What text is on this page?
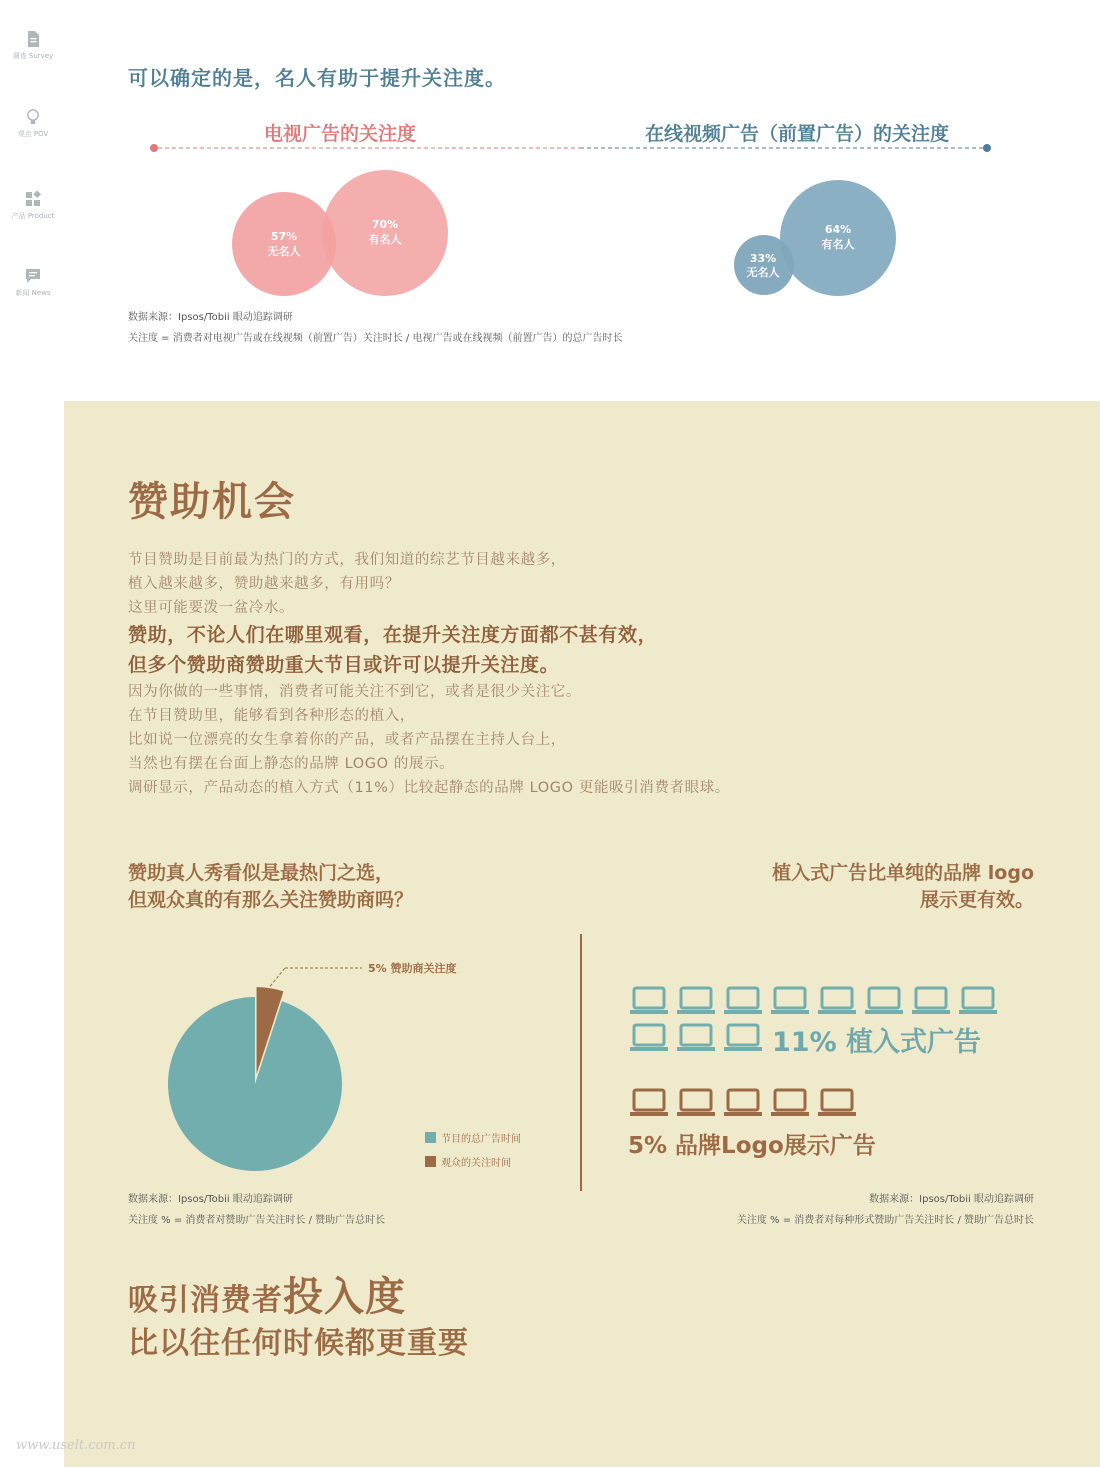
调查 Survey
观点 POV
产品 Product
新闻 News
可以确定的是，名人有助于提升关注度。
电视广告的关注度	在线视频广告（前置广告）的关注度
57%
无名人
70%
有名人
33%
无名人
64%
有名人
数据来源：Ipsos/Tobii 眼动追踪调研
关注度 = 消费者对电视广告或在线视频（前置广告）关注时长 / 电视广告或在线视频（前置广告）的总广告时长
赞助机会
节目赞助是目前最为热门的方式，我们知道的综艺节目越来越多，
植入越来越多，赞助越来越多，有用吗？
这里可能要泼一盆冷水。
赞助，不论人们在哪里观看，在提升关注度方面都不甚有效，
但多个赞助商赞助重大节目或许可以提升关注度。
因为你做的一些事情，消费者可能关注不到它，或者是很少关注它。
在节目赞助里，能够看到各种形态的植入，
比如说一位漂亮的女生拿着你的产品，或者产品摆在主持人台上，
当然也有摆在台面上静态的品牌 LOGO 的展示。
调研显示，产品动态的植入方式（11%）比较起静态的品牌 LOGO 更能吸引消费者眼球。
赞助真人秀看似是最热门之选，
但观众真的有那么关注赞助商吗？
植入式广告比单纯的品牌 logo
展示更有效。
5% 赞助商关注度
节目的总广告时间
观众的关注时间
11% 植入式广告
5% 品牌Logo展示广告
数据来源：Ipsos/Tobii 眼动追踪调研
关注度 % = 消费者对赞助广告关注时长 / 赞助广告总时长
数据来源：Ipsos/Tobii 眼动追踪调研
关注度 % = 消费者对每种形式赞助广告关注时长 / 赞助广告总时长
吸引消费者投入度
比以往任何时候都更重要
www.uselt.com.cn
